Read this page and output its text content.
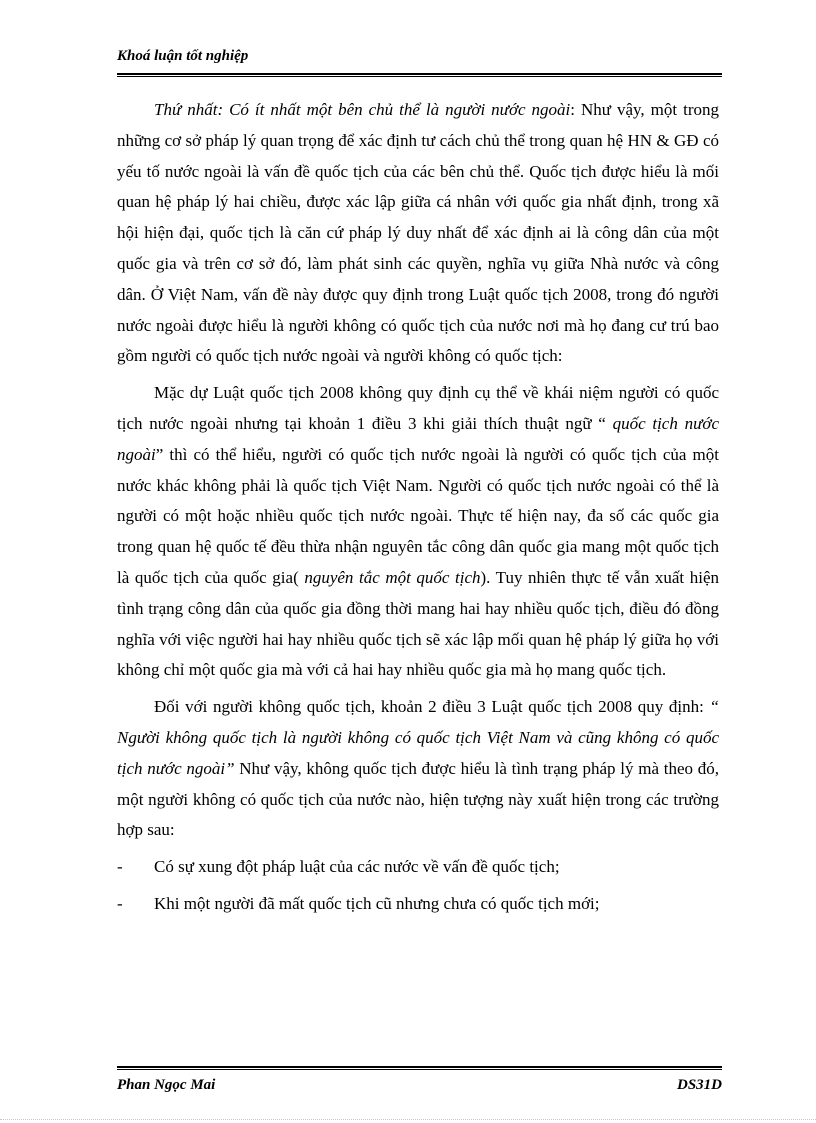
Khoá luận tốt nghiệp

Thứ nhất: Có ít nhất một bên chủ thể là người nước ngoài: Như vậy, một trong những cơ sở pháp lý quan trọng để xác định tư cách chủ thể trong quan hệ HN & GĐ có yếu tố nước ngoài là vấn đề quốc tịch của các bên chủ thể. Quốc tịch được hiểu là mối quan hệ pháp lý hai chiều, được xác lập giữa cá nhân với quốc gia nhất định, trong xã hội hiện đại, quốc tịch là căn cứ pháp lý duy nhất để xác định ai là công dân của một quốc gia và trên cơ sở đó, làm phát sinh các quyền, nghĩa vụ giữa Nhà nước và công dân. Ở Việt Nam, vấn đề này được quy định trong Luật quốc tịch 2008, trong đó người nước ngoài được hiểu là người không có quốc tịch của nước nơi mà họ đang cư trú bao gồm người có quốc tịch nước ngoài và người không có quốc tịch:

Mặc dự Luật quốc tịch 2008 không quy định cụ thể về khái niệm người có quốc tịch nước ngoài nhưng tại khoản 1 điều 3 khi giải thích thuật ngữ “ quốc tịch nước ngoài” thì có thể hiểu, người có quốc tịch nước ngoài là người có quốc tịch của một nước khác không phải là quốc tịch Việt Nam. Người có quốc tịch nước ngoài có thể là người có một hoặc nhiều quốc tịch nước ngoài. Thực tế hiện nay, đa số các quốc gia trong quan hệ quốc tế đều thừa nhận nguyên tắc công dân quốc gia mang một quốc tịch là quốc tịch của quốc gia( nguyên tắc một quốc tịch). Tuy nhiên thực tế vẫn xuất hiện tình trạng công dân của quốc gia đồng thời mang hai hay nhiều quốc tịch, điều đó đồng nghĩa với việc người hai hay nhiều quốc tịch sẽ xác lập mối quan hệ pháp lý giữa họ với không chỉ một quốc gia mà với cả hai hay nhiều quốc gia mà họ mang quốc tịch.

Đối với người không quốc tịch, khoản 2 điều 3 Luật quốc tịch 2008 quy định: “ Người không quốc tịch là người không có quốc tịch Việt Nam và cũng không có quốc tịch nước ngoài” Như vậy, không quốc tịch được hiểu là tình trạng pháp lý mà theo đó, một người không có quốc tịch của nước nào, hiện tượng này xuất hiện trong các trường hợp sau:

-	Có sự xung đột pháp luật của các nước về vấn đề quốc tịch;
-	Khi một người đã mất quốc tịch cũ nhưng chưa có quốc tịch mới;
Phan Ngọc Mai	DS31D
